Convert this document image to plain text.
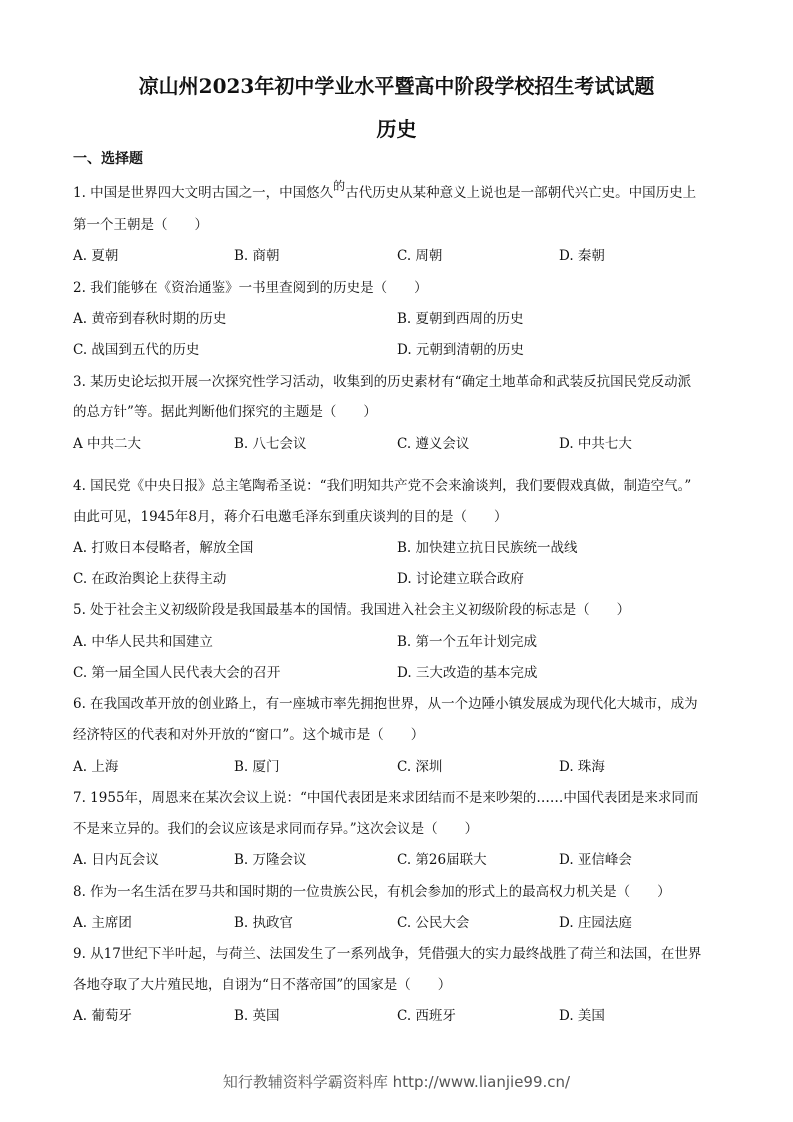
凉山州2023年初中学业水平暨高中阶段学校招生考试试题
历史
一、选择题
1. 中国是世界四大文明古国之一，中国悠久的古代历史从某种意义上说也是一部朝代兴亡史。中国历史上
第一个王朝是（　　）
A. 夏朝	B. 商朝	C. 周朝	D. 秦朝
2. 我们能够在《资治通鉴》一书里查阅到的历史是（　　）
A. 黄帝到春秋时期的历史	B. 夏朝到西周的历史
C. 战国到五代的历史	D. 元朝到清朝的历史
3. 某历史论坛拟开展一次探究性学习活动，收集到的历史素材有“确定土地革命和武装反抗国民党反动派
的总方针”等。据此判断他们探究的主题是（　　）
A 中共二大	B. 八七会议	C. 遵义会议	D. 中共七大
4. 国民党《中央日报》总主笔陶希圣说：“我们明知共产党不会来渝谈判，我们要假戏真做，制造空气。”
由此可见，1945年8月，蒋介石电邀毛泽东到重庆谈判的目的是（　　）
A. 打败日本侵略者，解放全国	B. 加快建立抗日民族统一战线
C. 在政治舆论上获得主动	D. 讨论建立联合政府
5. 处于社会主义初级阶段是我国最基本的国情。我国进入社会主义初级阶段的标志是（　　）
A. 中华人民共和国建立	B. 第一个五年计划完成
C. 第一届全国人民代表大会的召开	D. 三大改造的基本完成
6. 在我国改革开放的创业路上，有一座城市率先拥抱世界，从一个边陲小镇发展成为现代化大城市，成为
经济特区的代表和对外开放的“窗口”。这个城市是（　　）
A. 上海	B. 厦门	C. 深圳	D. 珠海
7. 1955年，周恩来在某次会议上说：“中国代表团是来求团结而不是来吵架的……中国代表团是来求同而
不是来立异的。我们的会议应该是求同而存异。”这次会议是（　　）
A. 日内瓦会议	B. 万隆会议	C. 第26届联大	D. 亚信峰会
8. 作为一名生活在罗马共和国时期的一位贵族公民，有机会参加的形式上的最高权力机关是（　　）
A. 主席团	B. 执政官	C. 公民大会	D. 庄园法庭
9. 从17世纪下半叶起，与荷兰、法国发生了一系列战争，凭借强大的实力最终战胜了荷兰和法国，在世界
各地夺取了大片殖民地，自诩为“日不落帝国”的国家是（　　）
A. 葡萄牙	B. 英国	C. 西班牙	D. 美国
知行教辅资料学霸资料库 http://www.lianjie99.cn/
